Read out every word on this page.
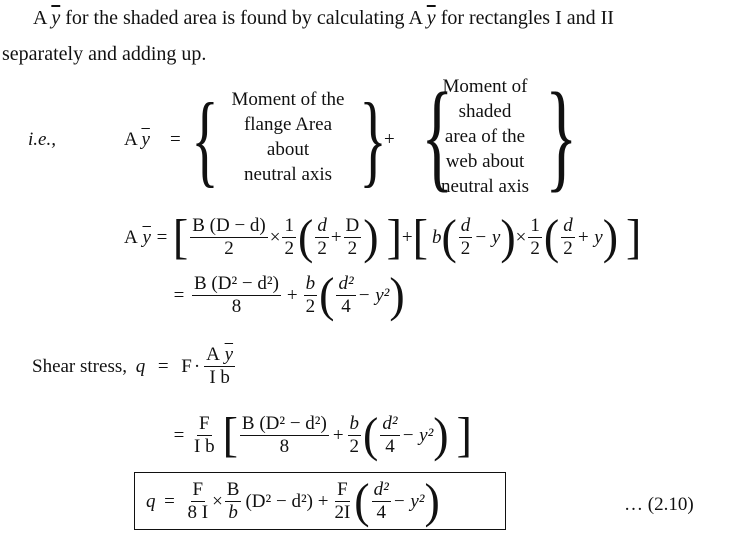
A $\overline{y}$ for the shaded area is found by calculating A $\overline{y}$ for rectangles I and II
separately and adding up.
i.e.,	A $\overline{y}$ = { Moment of the
flange Area
about
neutral axis }
+ {
Moment of
shaded
area of the
web about
neutral axis }
A
$\overline{y}$ = [ $\frac{B (D - d)}{2} \times \frac{1}{2}$ ( $\frac{d}{2} + \frac{D}{2}$ ) ] + [ b ( $\frac{d}{2} - y$ ) × $\frac{1}{2}$ ( $\frac{d}{2} + y$ ) ]
= $\frac{\text{B (D² − d²)}}{8} + \frac{b}{2}$ ( $\frac{\text{d²}}{4} - y^2$ )
Shear stress,
$q = F \cdot \frac{A \overline{y}}{\text{I b}}$
= $\frac{F}{\text{I b}}$ [ $\frac{\text{B (D² − d²)}}{8} + \frac{b}{2}$ ( $\frac{\text{d²}}{4} - y^2$ ) ]
$q = \frac{F}{8 I} \times \frac{B}{b} (D^2 - d^2) + \frac{F}{2I}$ ( $\frac{\text{d²}}{4} - y^2$ )	… (2.10)
